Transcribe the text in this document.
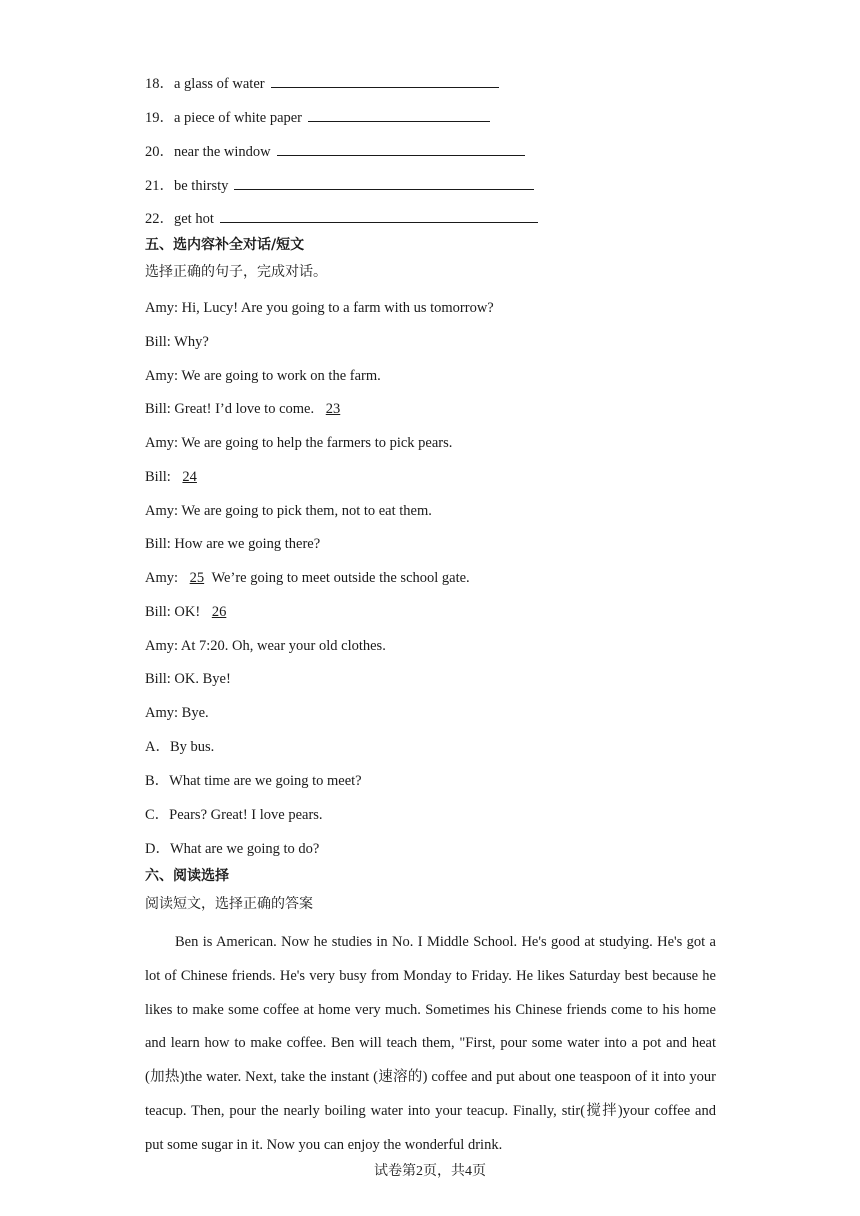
18．a glass of water
19．a piece of white paper
20．near the window
21．be thirsty
22．get hot
五、选内容补全对话/短文
选择正确的句子，完成对话。
Amy: Hi, Lucy! Are you going to a farm with us tomorrow?
Bill: Why?
Amy: We are going to work on the farm.
Bill: Great! I’d love to come. 23
Amy: We are going to help the farmers to pick pears.
Bill: 24
Amy: We are going to pick them, not to eat them.
Bill: How are we going there?
Amy: 25 We’re going to meet outside the school gate.
Bill: OK! 26
Amy: At 7:20. Oh, wear your old clothes.
Bill: OK. Bye!
Amy: Bye.
A．By bus.
B．What time are we going to meet?
C．Pears? Great! I love pears.
D．What are we going to do?
六、阅读选择
阅读短文，选择正确的答案
Ben is American. Now he studies in No. I Middle School. He's good at studying. He's got a lot of Chinese friends. He's very busy from Monday to Friday. He likes Saturday best because he likes to make some coffee at home very much. Sometimes his Chinese friends come to his home and learn how to make coffee. Ben will teach them, "First, pour some water into a pot and heat (加热)the water. Next, take the instant (速溶的) coffee and put about one teaspoon of it into your teacup. Then, pour the nearly boiling water into your teacup. Finally, stir(搅拌)your coffee and put some sugar in it. Now you can enjoy the wonderful drink.
试卷第2页，共4页
